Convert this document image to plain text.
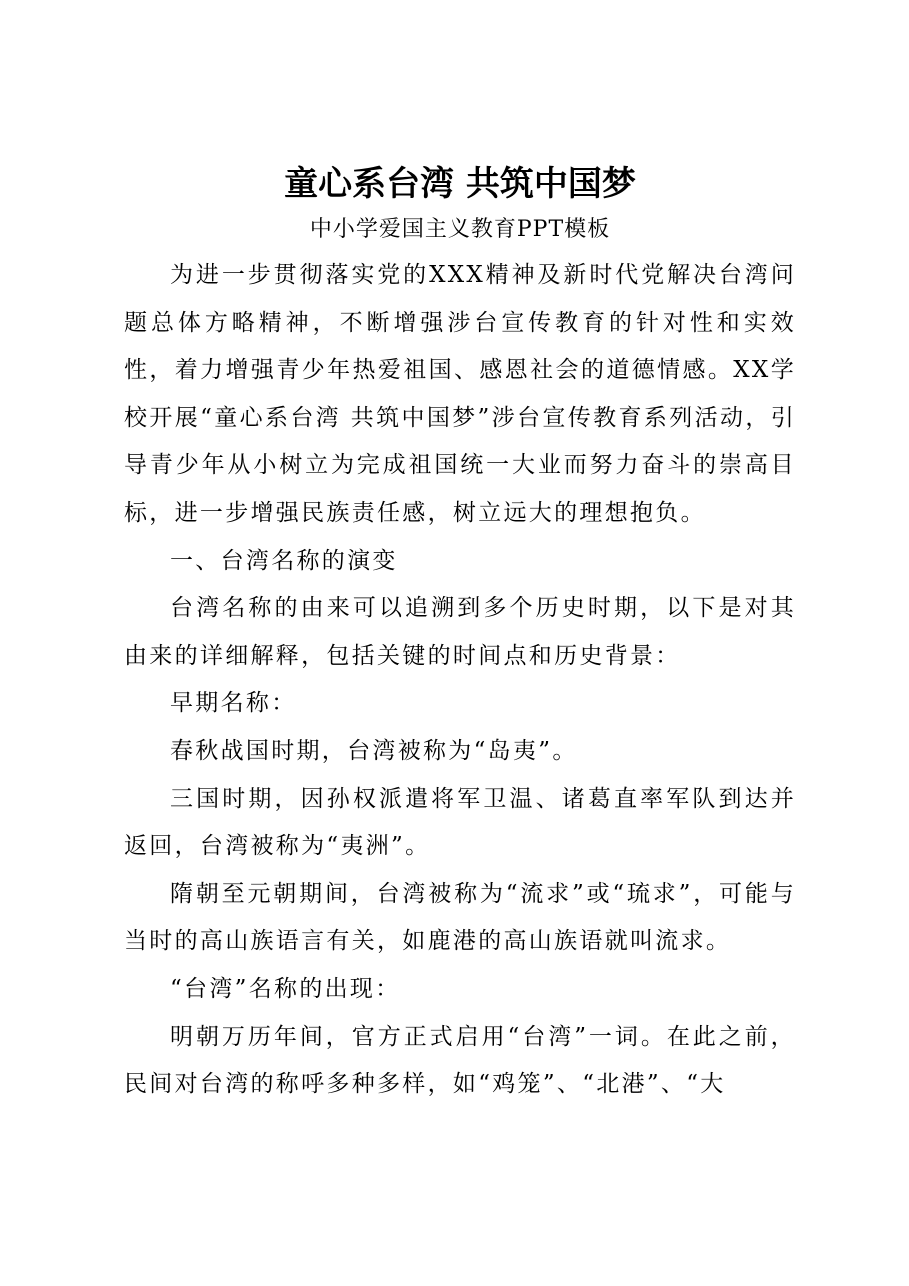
童心系台湾 共筑中国梦

中小学爱国主义教育PPT模板

为进一步贯彻落实党的XXX精神及新时代党解决台湾问题总体方略精神，不断增强涉台宣传教育的针对性和实效性，着力增强青少年热爱祖国、感恩社会的道德情感。XX学校开展“童心系台湾 共筑中国梦”涉台宣传教育系列活动，引导青少年从小树立为完成祖国统一大业而努力奋斗的崇高目标，进一步增强民族责任感，树立远大的理想抱负。

一、台湾名称的演变

台湾名称的由来可以追溯到多个历史时期，以下是对其由来的详细解释，包括关键的时间点和历史背景：

早期名称：

春秋战国时期，台湾被称为“岛夷”。

三国时期，因孙权派遣将军卫温、诸葛直率军队到达并返回，台湾被称为“夷洲”。

隋朝至元朝期间，台湾被称为“流求”或“琉求”，可能与当时的高山族语言有关，如鹿港的高山族语就叫流求。

“台湾”名称的出现：

明朝万历年间，官方正式启用“台湾”一词。在此之前，民间对台湾的称呼多种多样，如“鸡笼”、“北港”、“大
